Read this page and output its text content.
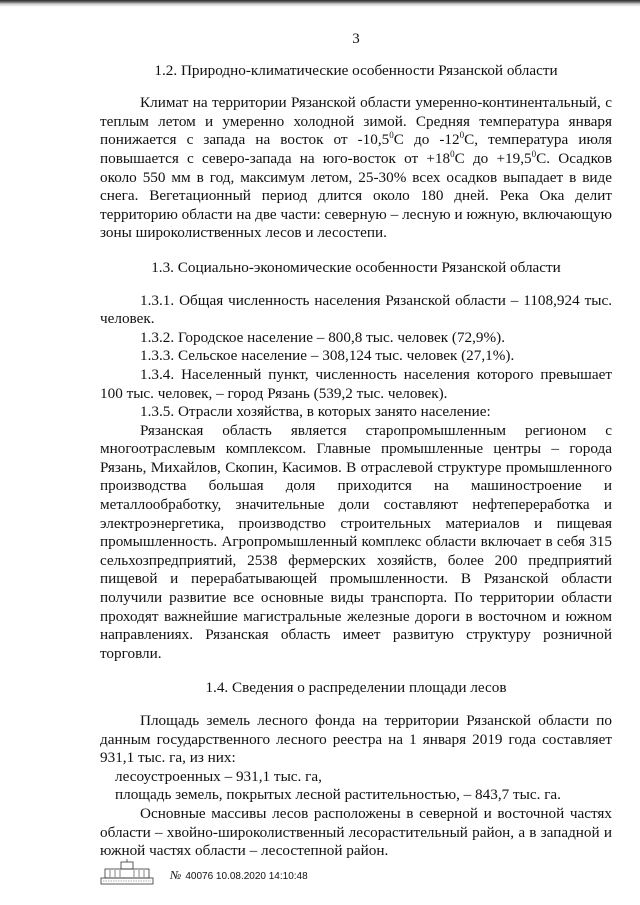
3
1.2. Природно-климатические особенности Рязанской области

Климат на территории Рязанской области умеренно-континентальный, с теплым летом и умеренно холодной зимой. Средняя температура января понижается с запада на восток от -10,5$^0$C до $-12^0C$, температура июля повышается с северо-запада на юго-восток от $+18^0C$ до $+19,5^0C$. Осадков около 550 мм в год, максимум летом, 25-30% всех осадков выпадает в виде снега. Вегетационный период длится около 180 дней. Река Ока делит территорию области на две части: северную – лесную и южную, включающую зоны широколиственных лесов и лесостепи.

1.3. Социально-экономические особенности Рязанской области

1.3.1. Общая численность населения Рязанской области – 1108,924 тыс. человек.

1.3.2. Городское население – 800,8 тыс. человек (72,9%).

1.3.3. Сельское население – 308,124 тыс. человек (27,1%).

1.3.4. Населенный пункт, численность населения которого превышает 100 тыс. человек, – город Рязань (539,2 тыс. человек).

1.3.5. Отрасли хозяйства, в которых занято население:

Рязанская область является старопромышленным регионом с многоотраслевым комплексом. Главные промышленные центры – города Рязань, Михайлов, Скопин, Касимов. В отраслевой структуре промышленного производства большая доля приходится на машиностроение и металлообработку, значительные доли составляют нефтепереработка и электроэнергетика, производство строительных материалов и пищевая промышленность. Агропромышленный комплекс области включает в себя 315 сельхозпредприятий, 2538 фермерских хозяйств, более 200 предприятий пищевой и перерабатывающей промышленности. В Рязанской области получили развитие все основные виды транспорта. По территории области проходят важнейшие магистральные железные дороги в восточном и южном направлениях. Рязанская область имеет развитую структуру розничной торговли.

1.4. Сведения о распределении площади лесов

Площадь земель лесного фонда на территории Рязанской области по данным государственного лесного реестра на 1 января 2019 года составляет 931,1 тыс. га, из них:

лесоустроенных – 931,1 тыс. га,

площадь земель, покрытых лесной растительностью, – 843,7 тыс. га.

Основные массивы лесов расположены в северной и восточной частях области – хвойно-широколиственный лесорастительный район, а в западной и южной частях области – лесостепной район.

№ 40076 10.08.2020 14:10:48
